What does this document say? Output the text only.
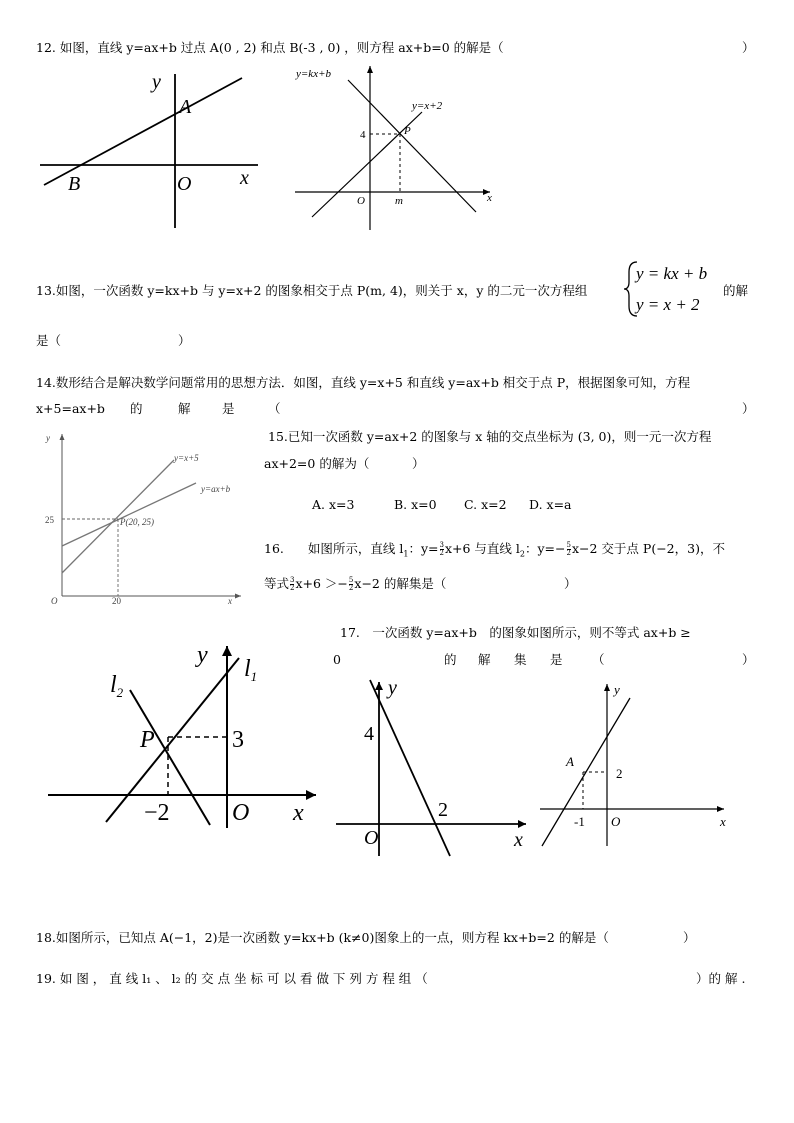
12. 如图，直线 y=ax+b 过点 A(0 , 2) 和点 B(-3 , 0) ，则方程 ax+b=0 的解是（	）
y
A
B	O x
y=kx+b
y=x+2
P
4
O	m	x
13.如图，一次函数 y=kx+b 与 y=x+2 的图象相交于点 P(m, 4)，则关于 x，y 的二元一次方程组
y = kx + b
y = x + 2
的解
是（	）
14.数形结合是解决数学问题常用的思想方法．如图，直线 y=x+5 和直线 y=ax+b 相交于点 P，根据图象可知，方程
x+5=ax+b 的	解	是	（	）
y
y=x+5
y=ax+b
25	P(20, 25)
O	20	x
15.已知一次函数 y=ax+2 的图象与 x 轴的交点坐标为 (3, 0)，则一元一次方程
ax+2=0 的解为（	）
A. x=3	B. x=0 C. x=2 D. x=a
16. 如图所示，直线 $l_1$：$y= \frac{3}{2} x+6$ 与直线 $l_2$：$y=- \frac{5}{2} x-2$ 交于点 P(−2，3)，不
等式 $\frac{3}{2} x+6 >- \frac{5}{2} x-2$ 的解集是（	）
$l_2$
$l_1$
y
P	3
−2	O x
17.　一次函数 y=ax+b　的图象如图所示，则不等式 ax+b ≥
0	的 解 集 是 （	）
y
4
2
O	x
y
A
2
-1 O	x
18.如图所示，已知点 A(−1，2)是一次函数 y=kx+b (k≠0)图象上的一点，则方程 kx+b=2 的解是（	）
19. 如 图 ， 直 线 l₁ 、 l₂ 的 交 点 坐 标 可 以 看 做 下 列 方 程 组 （	）的 解 .
